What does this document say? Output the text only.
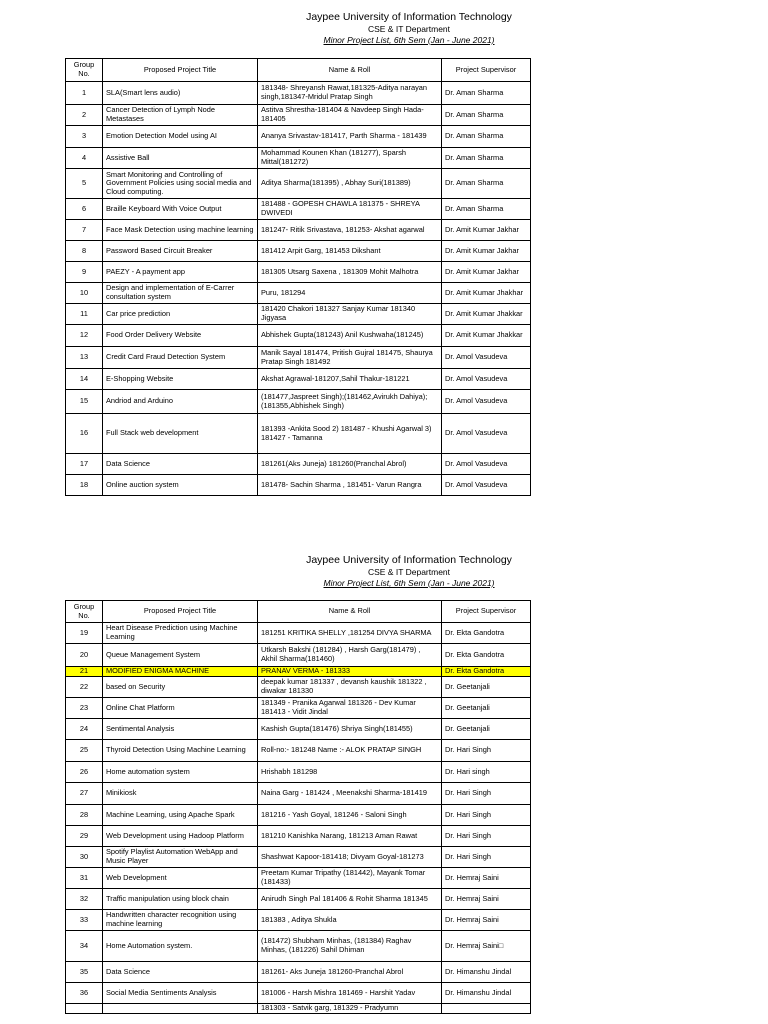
Jaypee University of Information Technology
CSE & IT Department
Minor Project List, 6th Sem (Jan - June 2021)
Group No.	Proposed Project Title	Name & Roll	Project Supervisor
1	SLA(Smart lens audio)	181348- Shreyansh Rawat,181325-Aditya narayan singh,181347-Mridul Pratap Singh	Dr. Aman Sharma
2	Cancer Detection of Lymph Node Metastases	Astitva Shrestha-181404 & Navdeep Singh Hada-181405	Dr. Aman Sharma
3	Emotion Detection Model using AI	Ananya Srivastav-181417, Parth Sharma - 181439	Dr. Aman Sharma
4	Assistive Ball	Mohammad Kounen Khan (181277), Sparsh Mittal(181272)	Dr. Aman Sharma
5	Smart Monitoring and Controlling of Government Policies using social media and Cloud computing.	Aditya Sharma(181395) , Abhay Suri(181389)	Dr. Aman Sharma
6	Braille Keyboard With Voice Output	181488 - GOPESH CHAWLA 181375 - SHREYA DWIVEDI	Dr. Aman Sharma
7	Face Mask Detection using machine learning	181247- Ritik Srivastava, 181253- Akshat agarwal	Dr. Amit Kumar Jakhar
8	Password Based Circuit Breaker	181412 Arpit Garg, 181453 Dikshant	Dr. Amit Kumar Jakhar
9	PAEZY - A payment app	181305 Utsarg Saxena , 181309 Mohit Malhotra	Dr. Amit Kumar Jakhar
10	Design and implementation of E-Carrer consultation system	Puru, 181294	Dr. Amit Kumar Jhakhar
11	Car price prediction	181420 Chakori 181327 Sanjay Kumar 181340 Jigyasa	Dr. Amit Kumar Jhakkar
12	Food Order Delivery Website	Abhishek Gupta(181243) Anil Kushwaha(181245)	Dr. Amit Kumar Jhakkar
13	Credit Card Fraud Detection System	Manik Sayal 181474, Pritish Gujral 181475, Shaurya Pratap Singh 181492	Dr. Amol Vasudeva
14	E-Shopping Website	Akshat Agrawal-181207,Sahil Thakur-181221	Dr. Amol Vasudeva
15	Andriod and Arduino	(181477,Jaspreet Singh);(181462,Avirukh Dahiya);(181355,Abhishek Singh)	Dr. Amol Vasudeva
16	Full Stack web development	181393 -Ankita Sood 2) 181487 - Khushi Agarwal 3) 181427 - Tamanna	Dr. Amol Vasudeva
17	Data Science	181261(Aks Juneja) 181260(Pranchal Abrol)	Dr. Amol Vasudeva
18	Online auction system	181478- Sachin Sharma , 181451- Varun Rangra	Dr. Amol Vasudeva
Jaypee University of Information Technology
CSE & IT Department
Minor Project List, 6th Sem (Jan - June 2021)
Group No.	Proposed Project Title	Name & Roll	Project Supervisor
19	Heart Disease Prediction using Machine Learning	181251 KRITIKA SHELLY ,181254 DIVYA SHARMA	Dr. Ekta Gandotra
20	Queue Management System	Utkarsh Bakshi (181284) , Harsh Garg(181479) , Akhil Sharma(181460)	Dr. Ekta Gandotra
21	MODIFIED ENIGMA MACHINE	PRANAV VERMA - 181333	Dr. Ekta Gandotra
22	based on Security	deepak kumar 181337 , devansh kaushik 181322 , diwakar 181330	Dr. Geetanjali
23	Online Chat Platform	181349 - Pranika Agarwal 181326 - Dev Kumar 181413 - Vidit Jindal	Dr. Geetanjali
24	Sentimental Analysis	Kashish Gupta(181476) Shriya Singh(181455)	Dr. Geetanjali
25	Thyroid Detection Using Machine Learning	Roll-no:- 181248 Name :- ALOK PRATAP SINGH	Dr. Hari Singh
26	Home automation system	Hrishabh 181298	Dr. Hari singh
27	Minikiosk	Naina Garg - 181424 , Meenakshi Sharma-181419	Dr. Hari Singh
28	Machine Learning, using Apache Spark	181216 - Yash Goyal, 181246 - Saloni Singh	Dr. Hari Singh
29	Web Development using Hadoop Platform	181210 Kanishka Narang, 181213 Aman Rawat	Dr. Hari Singh
30	Spotify Playlist Automation WebApp and Music Player	Shashwat Kapoor-181418; Divyam Goyal-181273	Dr. Hari Singh
31	Web Development	Preetam Kumar Tripathy (181442), Mayank Tomar (181433)	Dr. Hemraj Saini
32	Traffic manipulation using block chain	Anirudh Singh Pal 181406 & Rohit Sharma 181345	Dr. Hemraj Saini
33	Handwritten character recognition using machine learning	181383 , Aditya Shukla	Dr. Hemraj Saini
34	Home Automation system.	(181472) Shubham Minhas, (181384) Raghav Minhas, (181226) Sahil Dhiman	Dr. Hemraj Saini□
35	Data Science	181261- Aks Juneja 181260-Pranchal Abrol	Dr. Himanshu Jindal
36	Social Media Sentiments Analysis	181006 - Harsh Mishra 181469 - Harshit Yadav	Dr. Himanshu Jindal
		181303 - Satvik garg, 181329 - Pradyumn	
